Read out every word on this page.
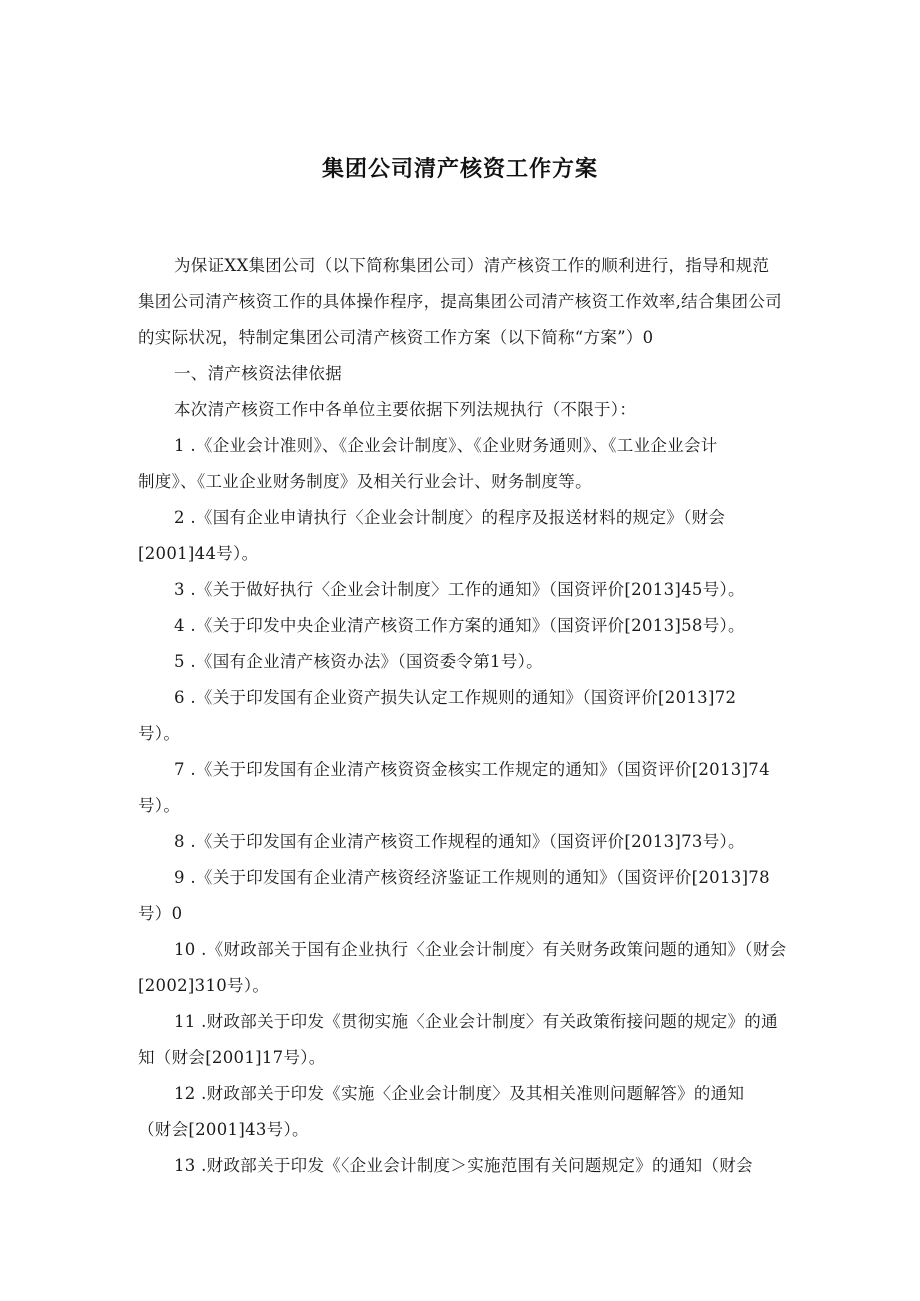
集团公司清产核资工作方案
为保证XX集团公司（以下简称集团公司）清产核资工作的顺利进行，指导和规范
集团公司清产核资工作的具体操作程序，提高集团公司清产核资工作效率,结合集团公司
的实际状况，特制定集团公司清产核资工作方案（以下简称“方案”）0
一、清产核资法律依据
本次清产核资工作中各单位主要依据下列法规执行（不限于）：
1 .《企业会计准则》、《企业会计制度》、《企业财务通则》、《工业企业会计
制度》、《工业企业财务制度》及相关行业会计、财务制度等。
2 .《国有企业申请执行〈企业会计制度〉的程序及报送材料的规定》（财会
[2001]44号）。
3 .《关于做好执行〈企业会计制度〉工作的通知》（国资评价[2013]45号）。
4 .《关于印发中央企业清产核资工作方案的通知》（国资评价[2013]58号）。
5 .《国有企业清产核资办法》（国资委令第1号）。
6 .《关于印发国有企业资产损失认定工作规则的通知》（国资评价[2013]72
号）。
7 .《关于印发国有企业清产核资资金核实工作规定的通知》（国资评价[2013]74
号）。
8 .《关于印发国有企业清产核资工作规程的通知》（国资评价[2013]73号）。
9 .《关于印发国有企业清产核资经济鉴证工作规则的通知》（国资评价[2013]78
号）0
10 .《财政部关于国有企业执行〈企业会计制度〉有关财务政策问题的通知》（财会
[2002]310号）。
11 .财政部关于印发《贯彻实施〈企业会计制度〉有关政策衔接问题的规定》的通
知（财会[2001]17号）。
12 .财政部关于印发《实施〈企业会计制度〉及其相关准则问题解答》的通知
（财会[2001]43号）。
13 .财政部关于印发《〈企业会计制度＞实施范围有关问题规定》的通知（财会
